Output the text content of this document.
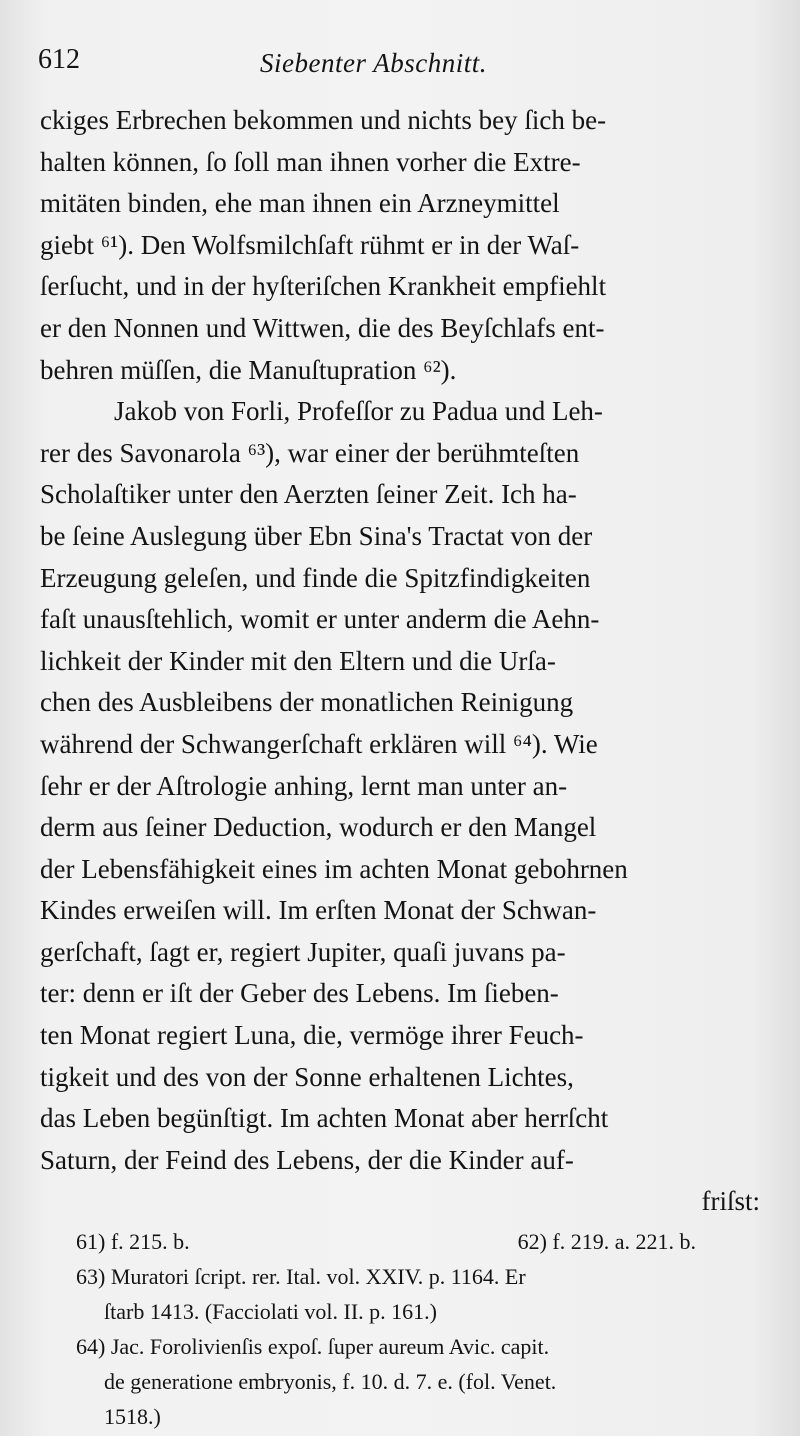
612	Siebenter Abschnitt.
ckiges Erbrechen bekommen und nichts bey ſich be-
halten können, ſo ſoll man ihnen vorher die Extre-
mitäten binden, ehe man ihnen ein Arzneymittel
giebt ⁶¹). Den Wolfsmilchſaft rühmt er in der Waſ-
ſerſucht, und in der hyſteriſchen Krankheit empfiehlt
er den Nonnen und Wittwen, die des Beyſchlafs ent-
behren müſſen, die Manuſtupration ⁶²).
Jakob von Forli, Profeſſor zu Padua und Leh-
rer des Savonarola ⁶³), war einer der berühmteſten
Scholaſtiker unter den Aerzten ſeiner Zeit. Ich ha-
be ſeine Auslegung über Ebn Sina's Tractat von der
Erzeugung geleſen, und finde die Spitzfindigkeiten
faſt unausſtehlich, womit er unter anderm die Aehn-
lichkeit der Kinder mit den Eltern und die Urſa-
chen des Ausbleibens der monatlichen Reinigung
während der Schwangerſchaft erklären will ⁶⁴). Wie
ſehr er der Aſtrologie anhing, lernt man unter an-
derm aus ſeiner Deduction, wodurch er den Mangel
der Lebensfähigkeit eines im achten Monat gebohrnen
Kindes erweiſen will. Im erſten Monat der Schwan-
gerſchaft, ſagt er, regiert Jupiter, quaſi juvans pa-
ter: denn er iſt der Geber des Lebens. Im ſieben-
ten Monat regiert Luna, die, vermöge ihrer Feuch-
tigkeit und des von der Sonne erhaltenen Lichtes,
das Leben begünſtigt. Im achten Monat aber herrſcht
Saturn, der Feind des Lebens, der die Kinder auf-
friſst:
61) f. 215. b.	62) f. 219. a. 221. b.
63) Muratori ſcript. rer. Ital. vol. XXIV. p. 1164. Er
ſtarb 1413. (Facciolati vol. II. p. 161.)
64) Jac. Forolivienſis expoſ. ſuper aureum Avic. capit.
de generatione embryonis, f. 10. d. 7. e. (fol. Venet.
1518.)
